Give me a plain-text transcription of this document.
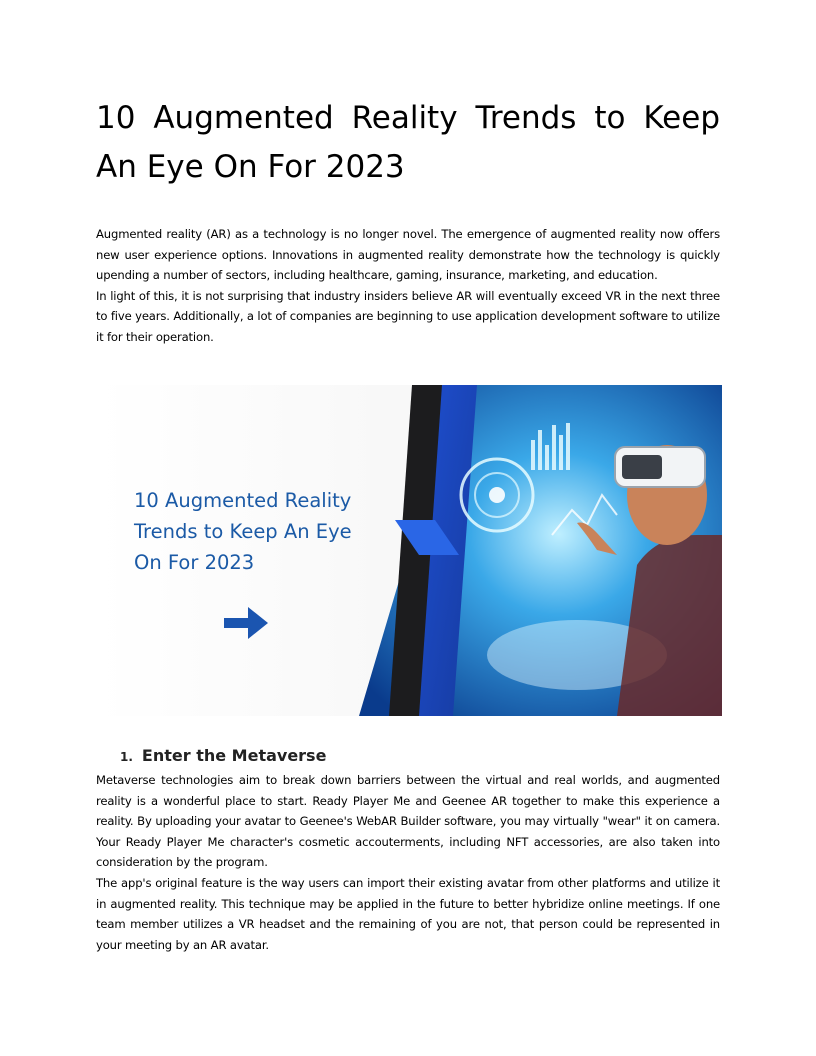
10 Augmented Reality Trends to Keep An Eye On For 2023

Augmented reality (AR) as a technology is no longer novel. The emergence of augmented reality now offers new user experience options. Innovations in augmented reality demonstrate how the technology is quickly upending a number of sectors, including healthcare, gaming, insurance, marketing, and education.

In light of this, it is not surprising that industry insiders believe AR will eventually exceed VR in the next three to five years. Additionally, a lot of companies are beginning to use application development software to utilize it for their operation.

10 Augmented Reality
Trends to Keep An Eye
On For 2023
1. Enter the Metaverse

Metaverse technologies aim to break down barriers between the virtual and real worlds, and augmented reality is a wonderful place to start. Ready Player Me and Geenee AR together to make this experience a reality. By uploading your avatar to Geenee's WebAR Builder software, you may virtually "wear" it on camera. Your Ready Player Me character's cosmetic accouterments, including NFT accessories, are also taken into consideration by the program.

The app's original feature is the way users can import their existing avatar from other platforms and utilize it in augmented reality. This technique may be applied in the future to better hybridize online meetings. If one team member utilizes a VR headset and the remaining of you are not, that person could be represented in your meeting by an AR avatar.
